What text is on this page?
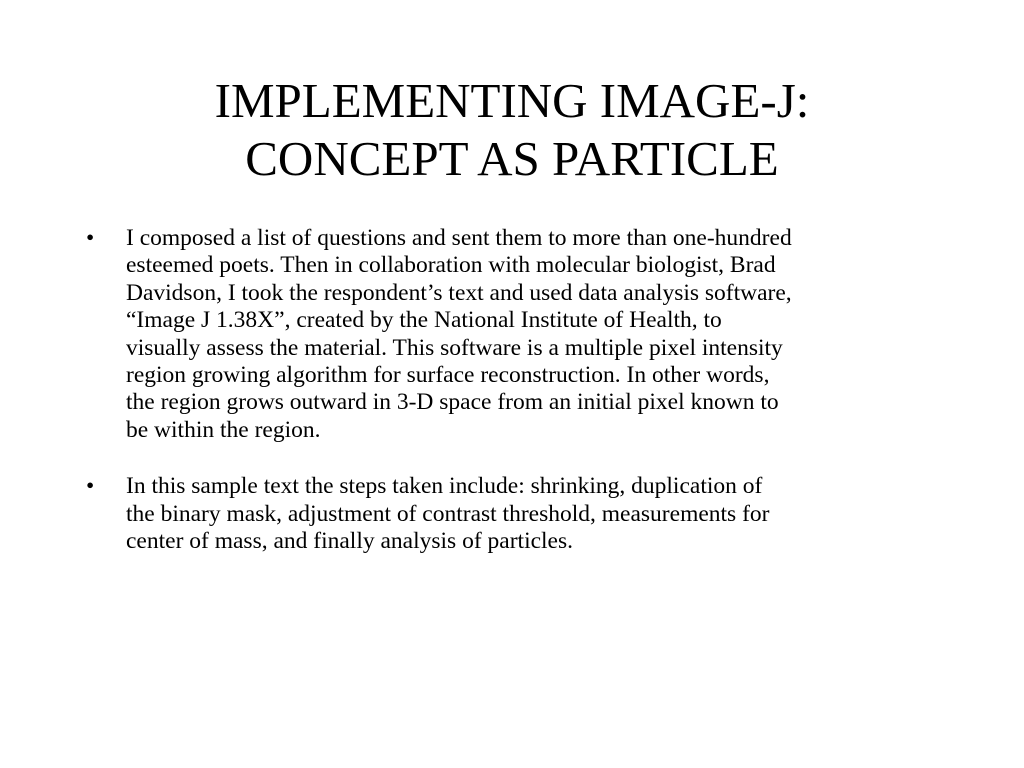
IMPLEMENTING IMAGE-J:
CONCEPT AS PARTICLE
• I composed a list of questions and sent them to more than one-hundred
esteemed poets. Then in collaboration with molecular biologist, Brad
Davidson, I took the respondent’s text and used data analysis software,
“Image J 1.38X”, created by the National Institute of Health, to
visually assess the material. This software is a multiple pixel intensity
region growing algorithm for surface reconstruction. In other words,
the region grows outward in 3-D space from an initial pixel known to
be within the region.
• In this sample text the steps taken include: shrinking, duplication of
the binary mask, adjustment of contrast threshold, measurements for
center of mass, and finally analysis of particles.
